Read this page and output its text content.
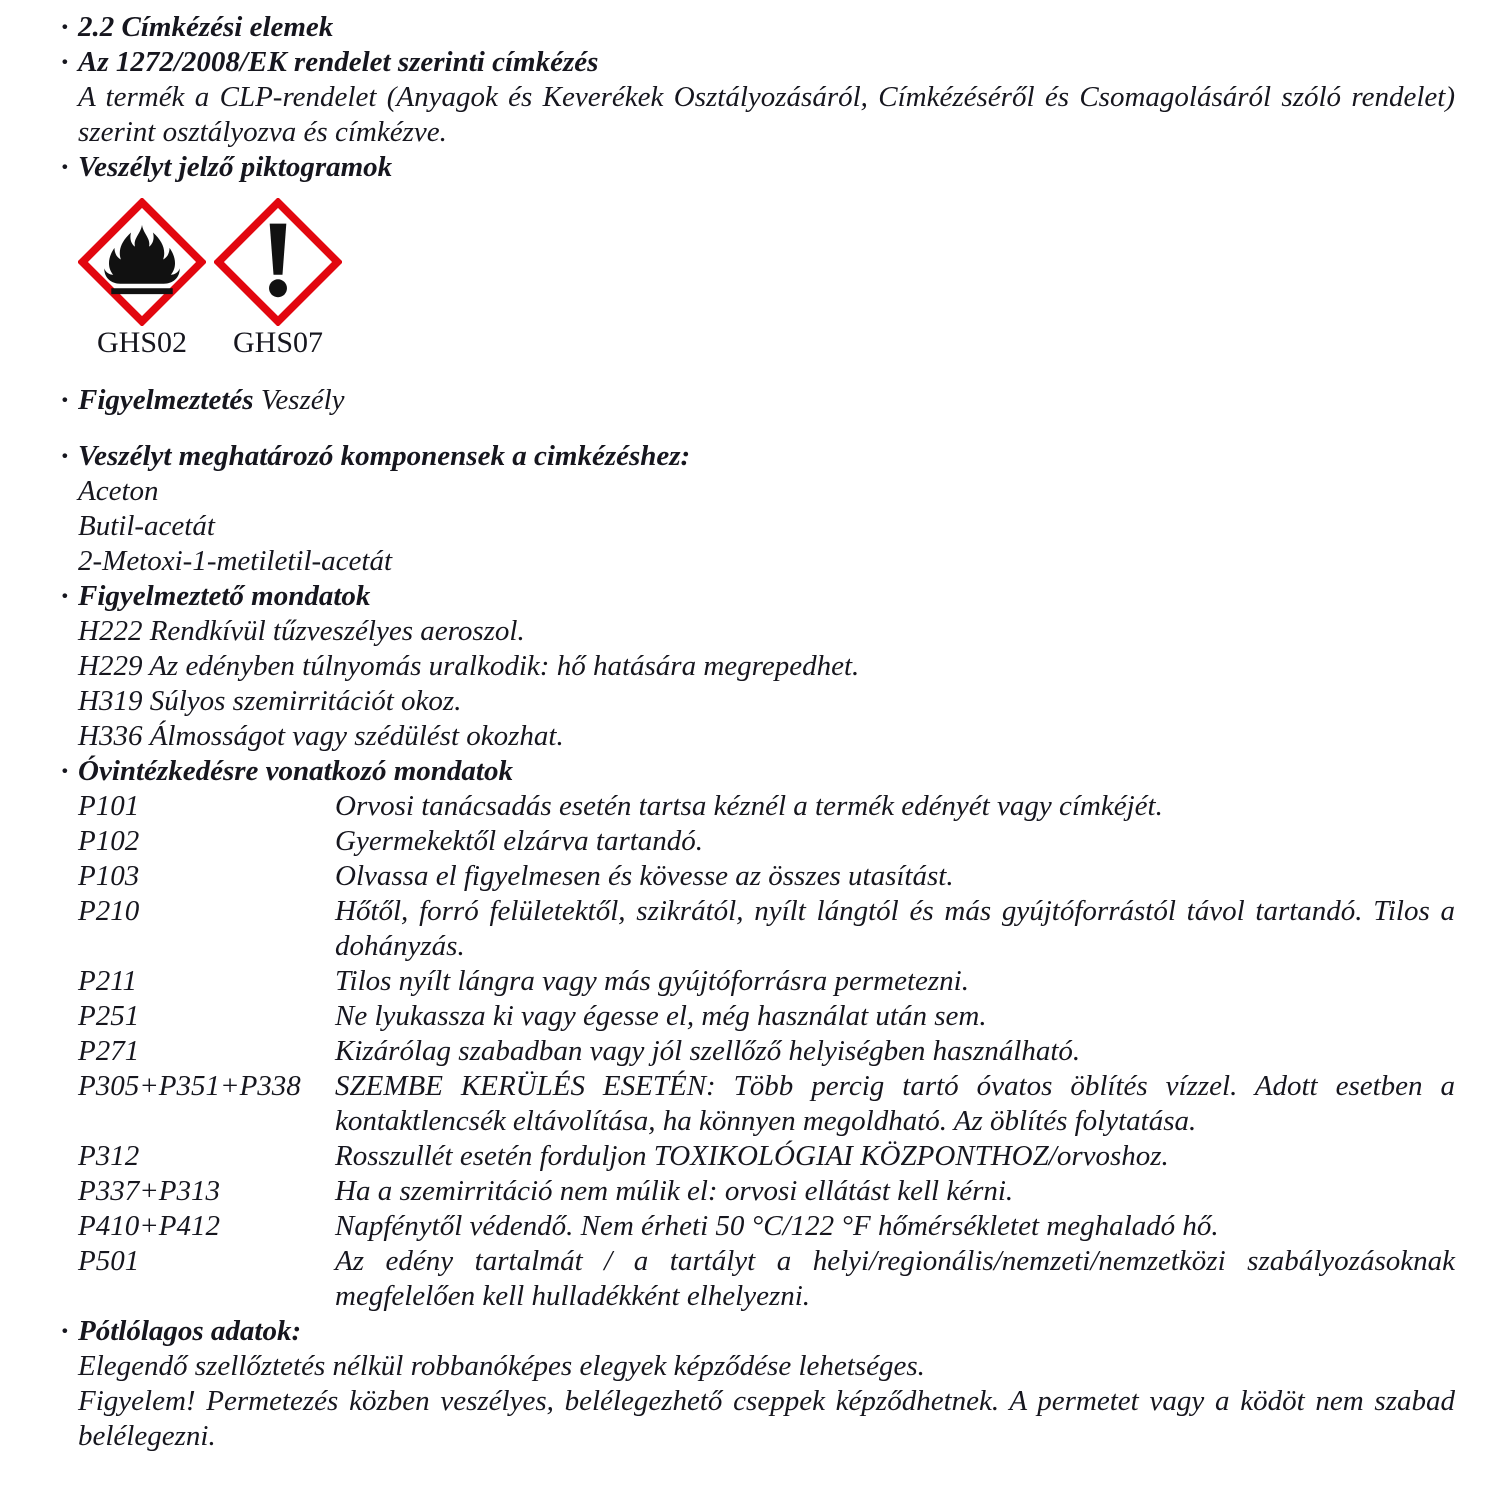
· 2.2 Címkézési elemek
· Az 1272/2008/EK rendelet szerinti címkézés
A termék a CLP-rendelet (Anyagok és Keverékek Osztályozásáról, Címkézéséről és Csomagolásáról szóló rendelet) szerint osztályozva és címkézve.
· Veszélyt jelző piktogramok
GHS02	GHS07
· Figyelmeztetés Veszély
· Veszélyt meghatározó komponensek a cimkézéshez:
Aceton
Butil-acetát
2-Metoxi-1-metiletil-acetát
· Figyelmeztető mondatok
H222 Rendkívül tűzveszélyes aeroszol.
H229 Az edényben túlnyomás uralkodik: hő hatására megrepedhet.
H319 Súlyos szemirritációt okoz.
H336 Álmosságot vagy szédülést okozhat.
· Óvintézkedésre vonatkozó mondatok
P101	Orvosi tanácsadás esetén tartsa kéznél a termék edényét vagy címkéjét.
P102	Gyermekektől elzárva tartandó.
P103	Olvassa el figyelmesen és kövesse az összes utasítást.
P210	Hőtől, forró felületektől, szikrától, nyílt lángtól és más gyújtóforrástól távol tartandó. Tilos a dohányzás.
P211	Tilos nyílt lángra vagy más gyújtóforrásra permetezni.
P251	Ne lyukassza ki vagy égesse el, még használat után sem.
P271	Kizárólag szabadban vagy jól szellőző helyiségben használható.
P305+P351+P338 SZEMBE KERÜLÉS ESETÉN: Több percig tartó óvatos öblítés vízzel. Adott esetben a kontaktlencsék eltávolítása, ha könnyen megoldható. Az öblítés folytatása.
P312	Rosszullét esetén forduljon TOXIKOLÓGIAI KÖZPONTHOZ/orvoshoz.
P337+P313	Ha a szemirritáció nem múlik el: orvosi ellátást kell kérni.
P410+P412	Napfénytől védendő. Nem érheti 50 °C/122 °F hőmérsékletet meghaladó hő.
P501	Az edény tartalmát / a tartályt a helyi/regionális/nemzeti/nemzetközi szabályozásoknak megfelelően kell hulladékként elhelyezni.
· Pótlólagos adatok:
Elegendő szellőztetés nélkül robbanóképes elegyek képződése lehetséges.
Figyelem! Permetezés közben veszélyes, belélegezhető cseppek képződhetnek. A permetet vagy a ködöt nem szabad belélegezni.
